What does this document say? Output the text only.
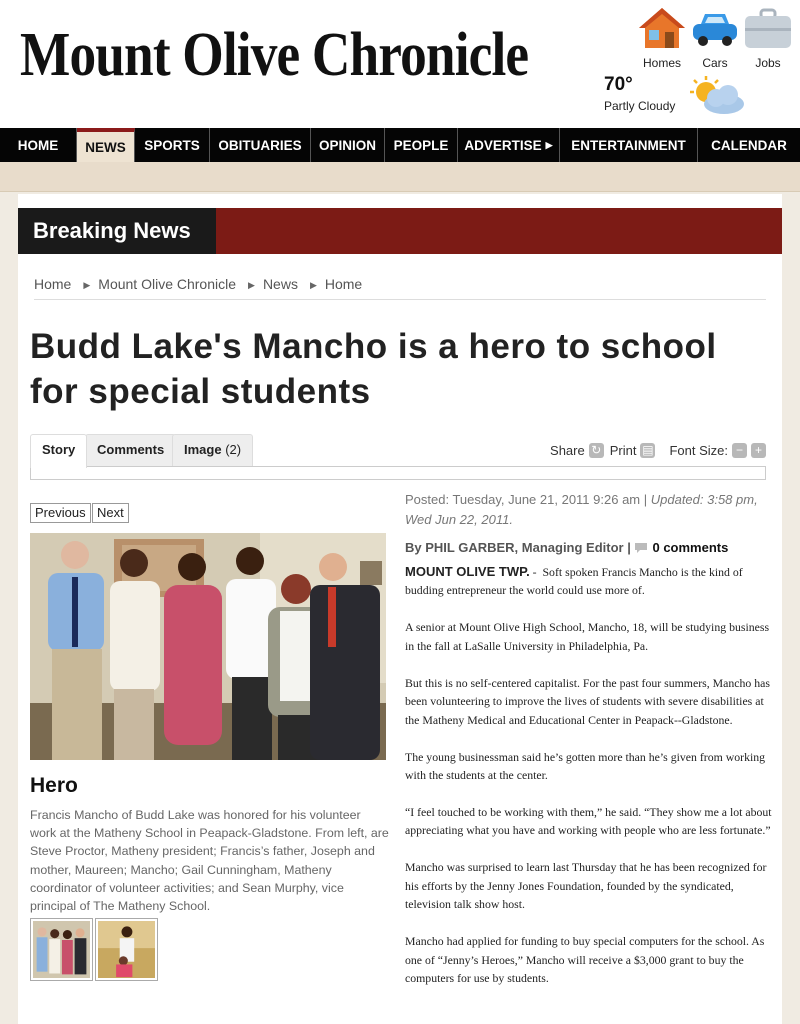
Mount Olive Chronicle	Homes	Cars	Jobs
70°
Partly Cloudy
HOME	NEWS	SPORTS	OBITUARIES	OPINION	PEOPLE	ADVERTISE ▶	ENTERTAINMENT	CALENDAR
Breaking News
Home ▶ Mount Olive Chronicle ▶ News ▶ Home
Budd Lake's Mancho is a hero to school for special students
Story	Comments	Image (2)	Share ↻ Print ▤ Font Size: − +
Previous Next
Hero
Francis Mancho of Budd Lake was honored for his volunteer work at the Matheny School in Peapack-Gladstone. From left, are Steve Proctor, Matheny president; Francis’s father, Joseph and mother, Maureen; Mancho; Gail Cunningham, Matheny coordinator of volunteer activities; and Sean Murphy, vice principal of The Matheny School.
Posted: Tuesday, June 21, 2011 9:26 am | Updated: 3:58 pm, Wed Jun 22, 2011.
By PHIL GARBER, Managing Editor | 0 comments

MOUNT OLIVE TWP. -  Soft spoken Francis Mancho is the kind of budding entrepreneur the world could use more of.

A senior at Mount Olive High School, Mancho, 18, will be studying business in the fall at LaSalle University in Philadelphia, Pa.

But this is no self-centered capitalist. For the past four summers, Mancho has been volunteering to improve the lives of students with severe disabilities at the Matheny Medical and Educational Center in Peapack--Gladstone.

The young businessman said he’s gotten more than he’s given from working with the students at the center.

“I feel touched to be working with them,” he said. “They show me a lot about appreciating what you have and working with people who are less fortunate.”

Mancho was surprised to learn last Thursday that he has been recognized for his efforts by the Jenny Jones Foundation, founded by the syndicated, television talk show host.

Mancho had applied for funding to buy special computers for the school. As one of “Jenny’s Heroes,” Mancho will receive a $3,000 grant to buy the computers for use by students.
